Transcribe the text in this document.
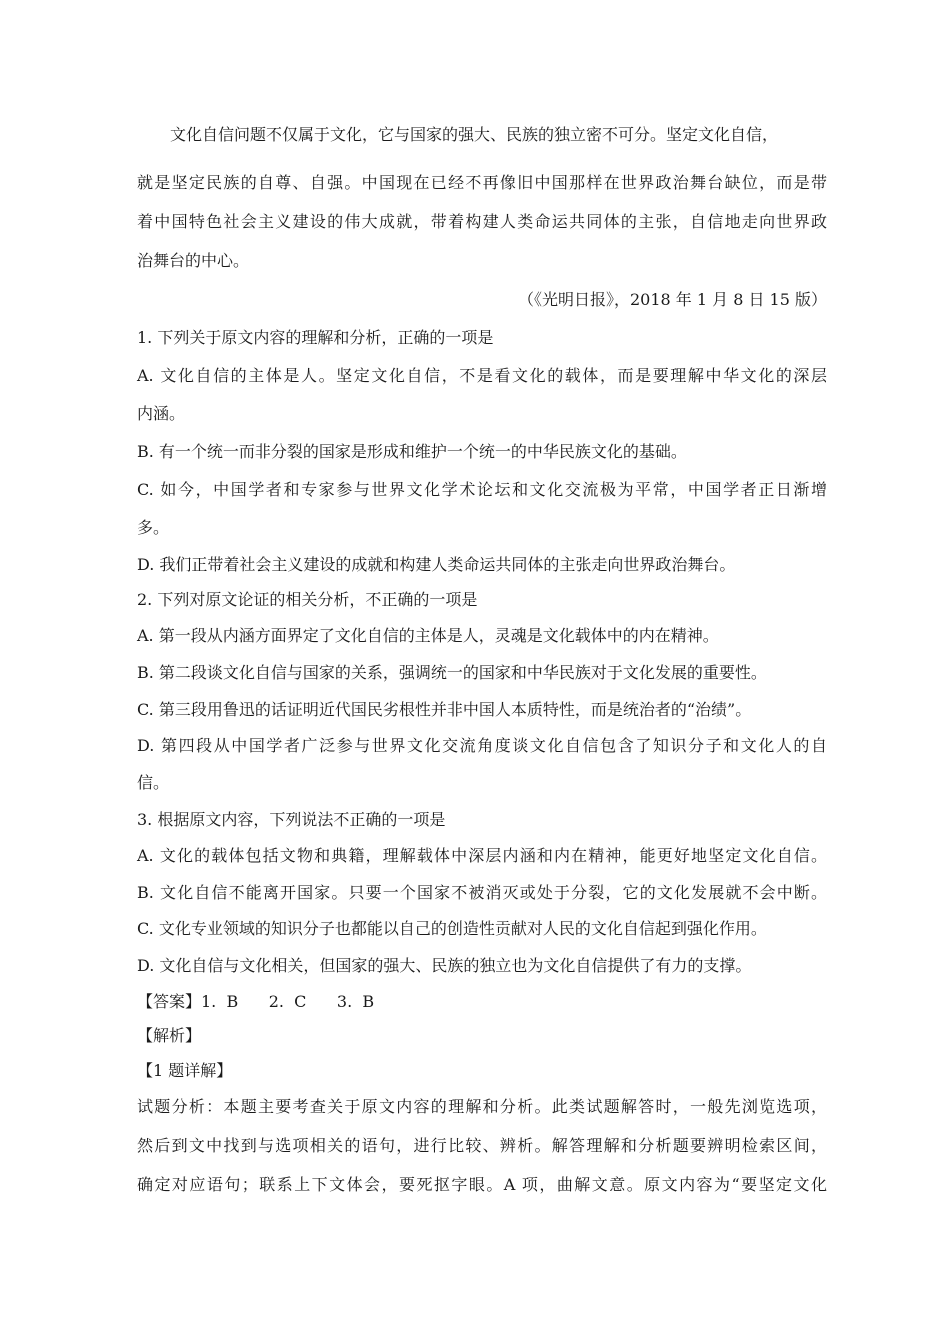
文化自信问题不仅属于文化，它与国家的强大、民族的独立密不可分。坚定文化自信，
就是坚定民族的自尊、自强。中国现在已经不再像旧中国那样在世界政治舞台缺位，而是带
着中国特色社会主义建设的伟大成就，带着构建人类命运共同体的主张，自信地走向世界政
治舞台的中心。
（《光明日报》，2018 年 1 月 8 日 15 版）
1. 下列关于原文内容的理解和分析，正确的一项是
A. 文化自信的主体是人。坚定文化自信，不是看文化的载体，而是要理解中华文化的深层
内涵。
B. 有一个统一而非分裂的国家是形成和维护一个统一的中华民族文化的基础。
C. 如今，中国学者和专家参与世界文化学术论坛和文化交流极为平常，中国学者正日渐增
多。
D. 我们正带着社会主义建设的成就和构建人类命运共同体的主张走向世界政治舞台。
2. 下列对原文论证的相关分析，不正确的一项是
A. 第一段从内涵方面界定了文化自信的主体是人，灵魂是文化载体中的内在精神。
B. 第二段谈文化自信与国家的关系，强调统一的国家和中华民族对于文化发展的重要性。
C. 第三段用鲁迅的话证明近代国民劣根性并非中国人本质特性，而是统治者的“治绩”。
D. 第四段从中国学者广泛参与世界文化交流角度谈文化自信包含了知识分子和文化人的自
信。
3. 根据原文内容，下列说法不正确的一项是
A. 文化的载体包括文物和典籍，理解载体中深层内涵和内在精神，能更好地坚定文化自信。
B. 文化自信不能离开国家。只要一个国家不被消灭或处于分裂，它的文化发展就不会中断。
C. 文化专业领域的知识分子也都能以自己的创造性贡献对人民的文化自信起到强化作用。
D. 文化自信与文化相关，但国家的强大、民族的独立也为文化自信提供了有力的支撑。
【答案】1.  B      2.  C      3.  B
【解析】
【1 题详解】
试题分析：本题主要考查关于原文内容的理解和分析。此类试题解答时，一般先浏览选项，
然后到文中找到与选项相关的语句，进行比较、辨析。解答理解和分析题要辨明检索区间，
确定对应语句；联系上下文体会，要死抠字眼。A 项，曲解文意。原文内容为“要坚定文化
